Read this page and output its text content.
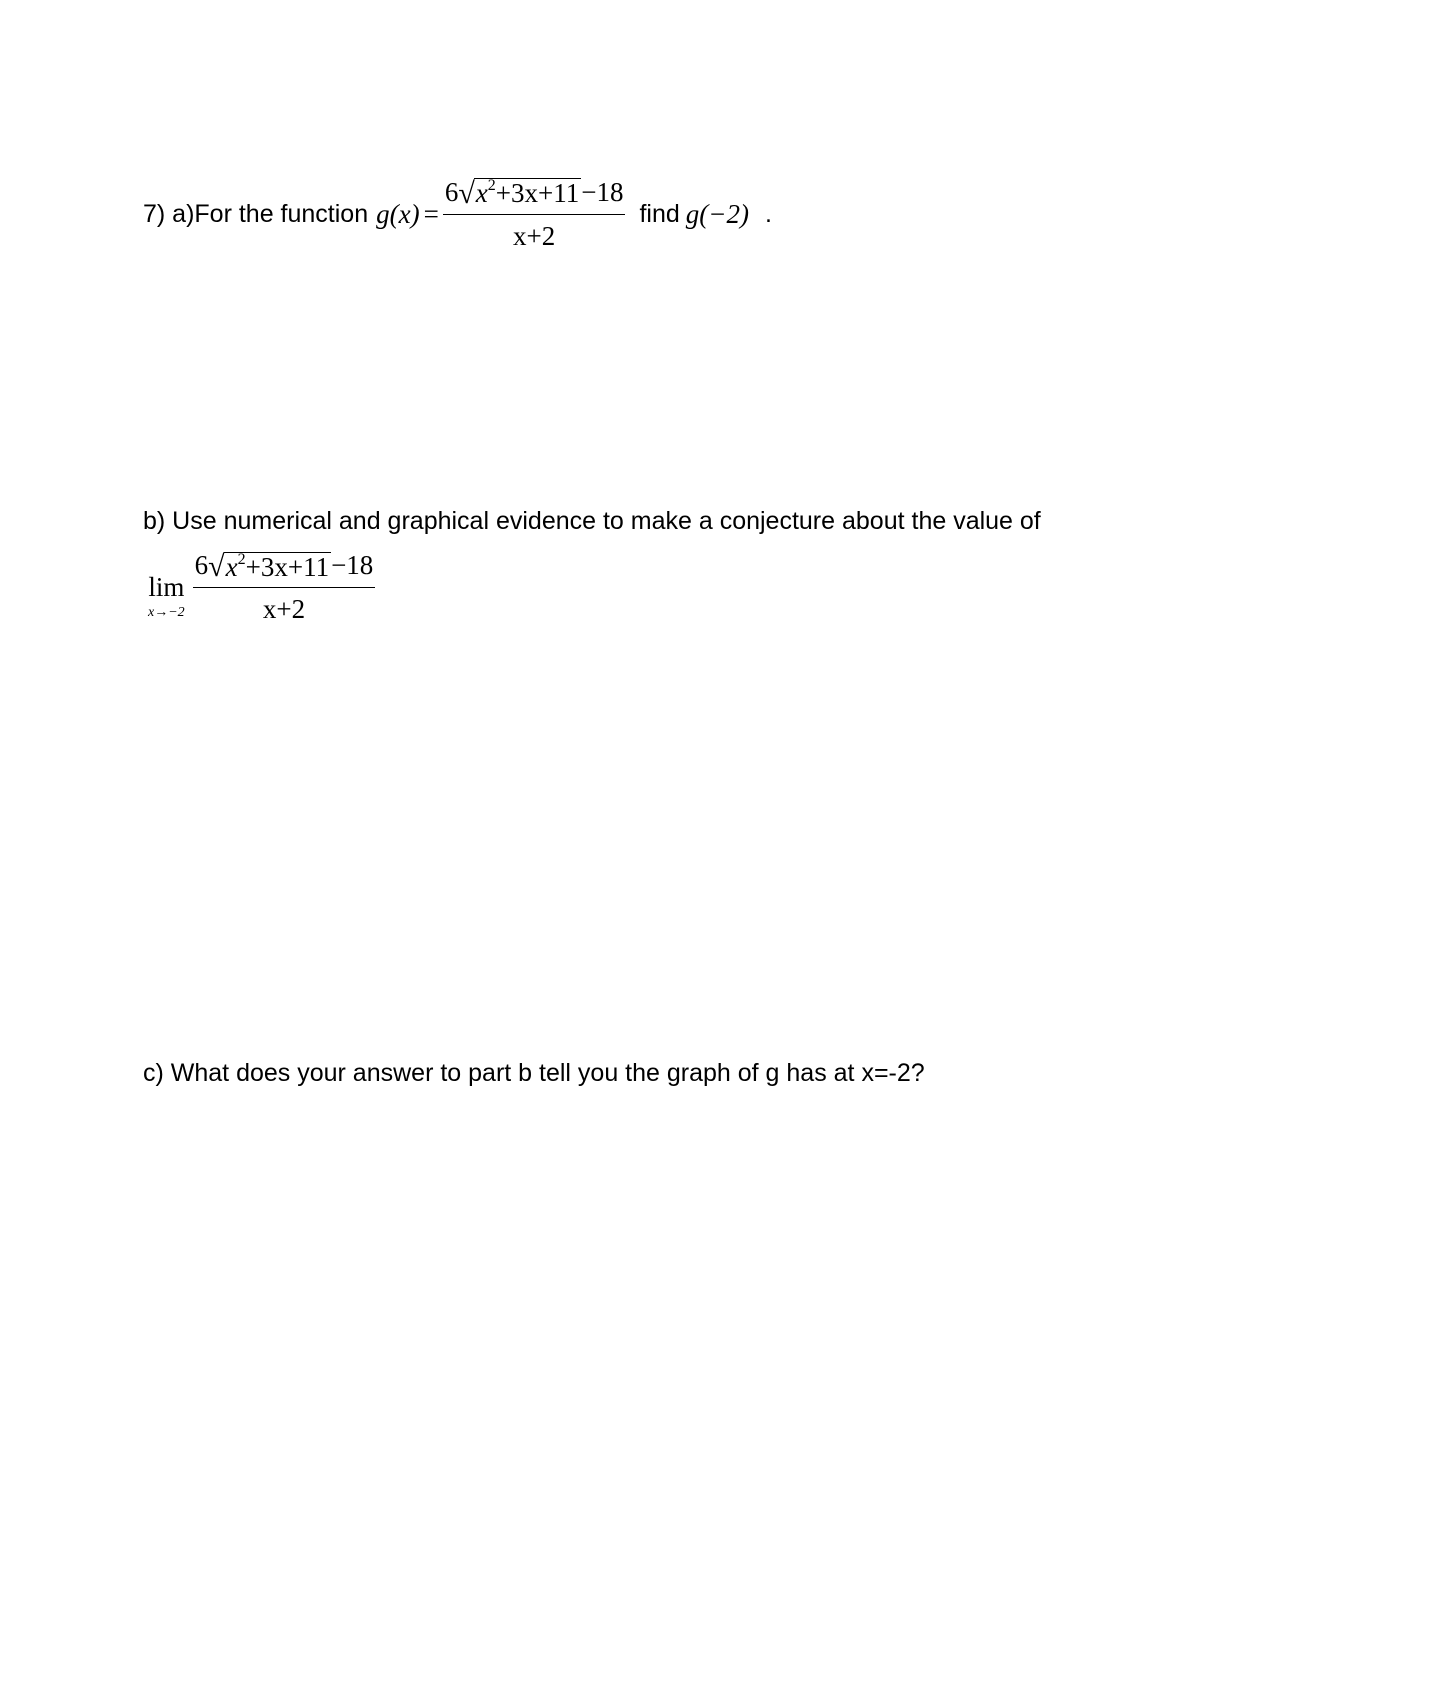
7) a)For the function $g(x) = \frac{6 √ x^2+3x+11 -18}{x+2}$ find g(−2) .
b) Use numerical and graphical evidence to make a conjecture about the value of
lim
$x\to-2 \frac{6 √ x^2+3x+11 -18}{x+2}$
c) What does your answer to part b tell you the graph of g has at x=-2?
